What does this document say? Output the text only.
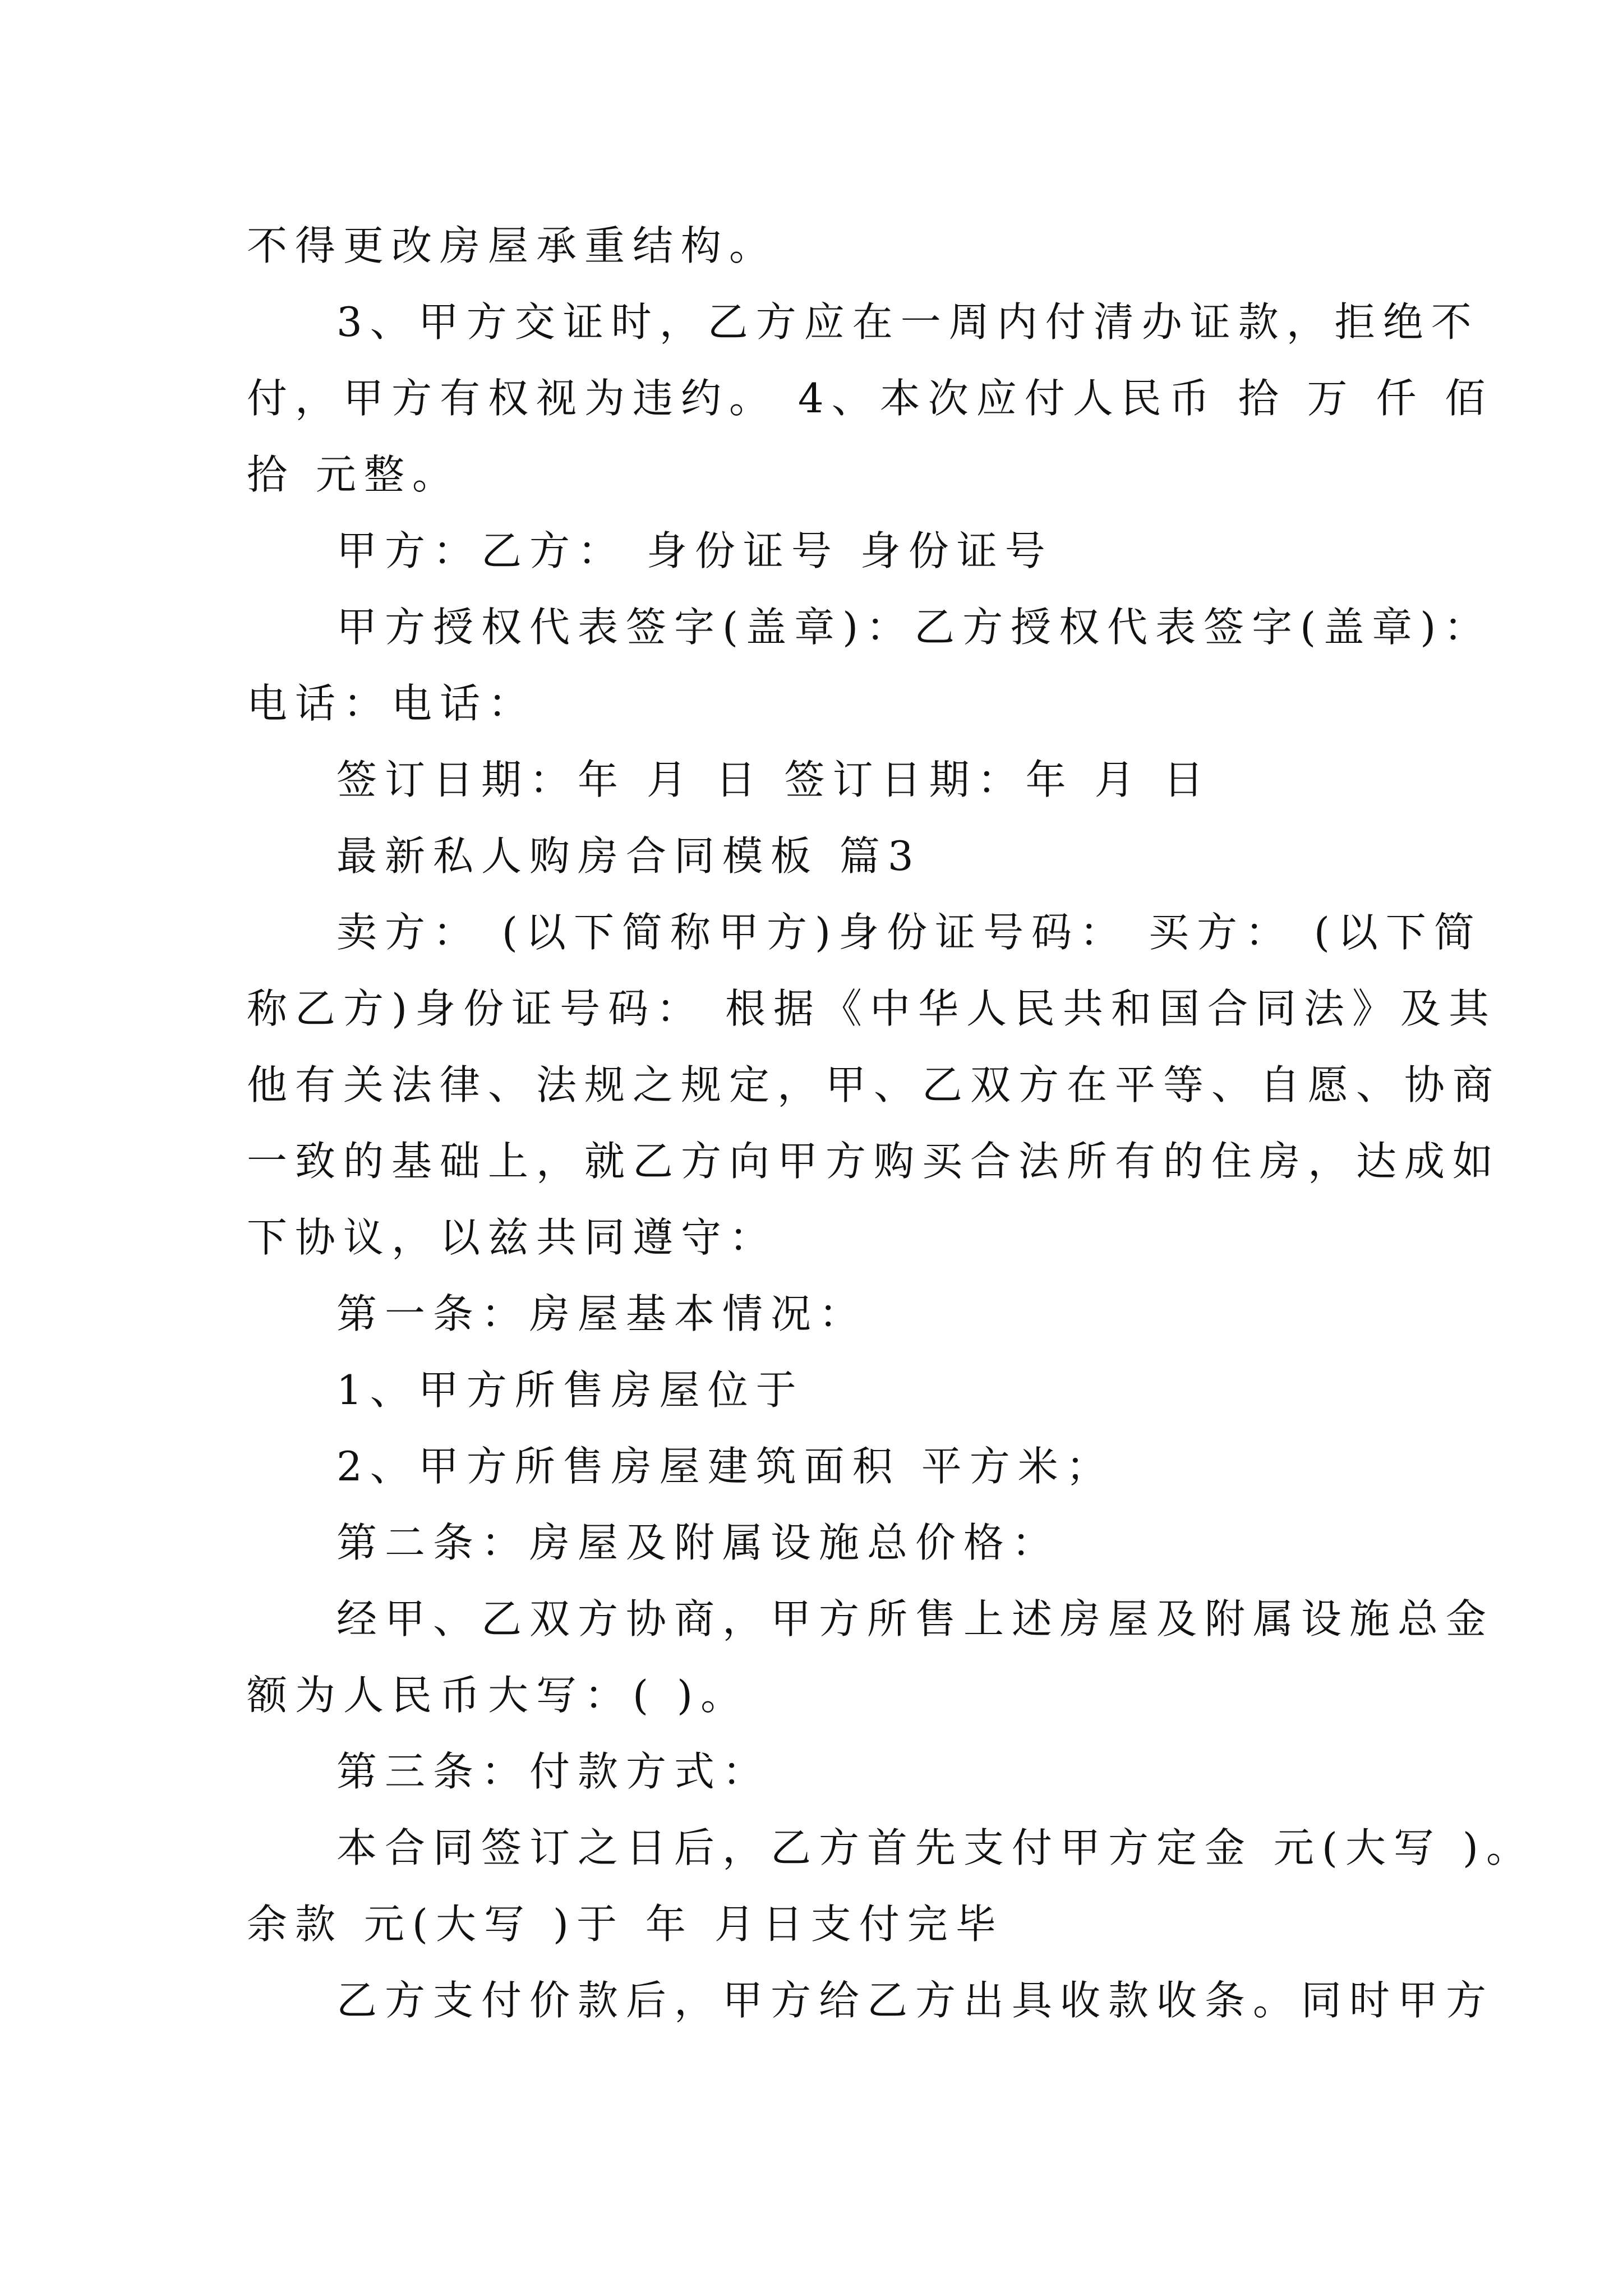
不得更改房屋承重结构。
3、甲方交证时，乙方应在一周内付清办证款，拒绝不
付，甲方有权视为违约。 4、本次应付人民币 拾 万 仟 佰
拾 元整。
甲方：乙方： 身份证号 身份证号
甲方授权代表签字(盖章)：乙方授权代表签字(盖章)：
电话：电话：
签订日期：年 月 日 签订日期：年 月 日
最新私人购房合同模板 篇3
卖方： (以下简称甲方)身份证号码： 买方： (以下简
称乙方)身份证号码： 根据《中华人民共和国合同法》及其
他有关法律、法规之规定，甲、乙双方在平等、自愿、协商
一致的基础上，就乙方向甲方购买合法所有的住房，达成如
下协议，以兹共同遵守：
第一条：房屋基本情况：
1、甲方所售房屋位于
2、甲方所售房屋建筑面积 平方米；
第二条：房屋及附属设施总价格：
经甲、乙双方协商，甲方所售上述房屋及附属设施总金
额为人民币大写：( )。
第三条：付款方式：
本合同签订之日后，乙方首先支付甲方定金 元(大写 )。
余款 元(大写 )于 年 月日支付完毕
乙方支付价款后，甲方给乙方出具收款收条。同时甲方
